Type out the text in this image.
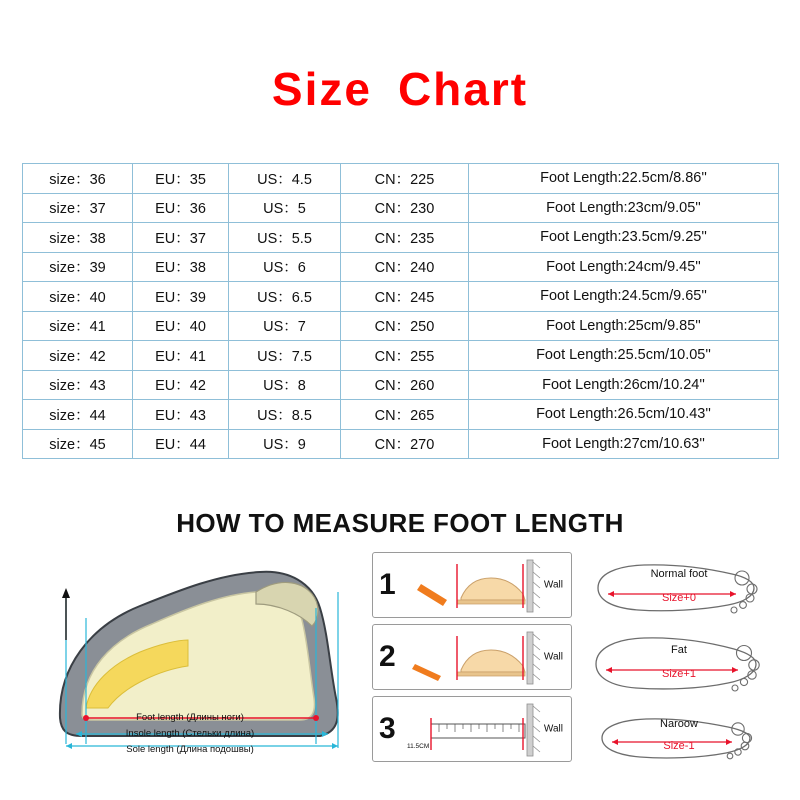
Size Chart
size：36	EU：35	US：4.5	CN：225	Foot Length:22.5cm/8.86''
size：37	EU：36	US：5	CN：230	Foot Length:23cm/9.05''
size：38	EU：37	US：5.5	CN：235	Foot Length:23.5cm/9.25''
size：39	EU：38	US：6	CN：240	Foot Length:24cm/9.45''
size：40	EU：39	US：6.5	CN：245	Foot Length:24.5cm/9.65''
size：41	EU：40	US：7	CN：250	Foot Length:25cm/9.85''
size：42	EU：41	US：7.5	CN：255	Foot Length:25.5cm/10.05''
size：43	EU：42	US：8	CN：260	Foot Length:26cm/10.24''
size：44	EU：43	US：8.5	CN：265	Foot Length:26.5cm/10.43''
size：45	EU：44	US：9	CN：270	Foot Length:27cm/10.63''
HOW TO MEASURE FOOT LENGTH
Foot length (Длины ноги)
Insole length (Стельки длина)
Sole length (Длина подошвы)
1	Wall
2	Wall
3
11.5CM
Wall
Normal foot
Size+0
Fat
Size+1
Naroow
Size-1
